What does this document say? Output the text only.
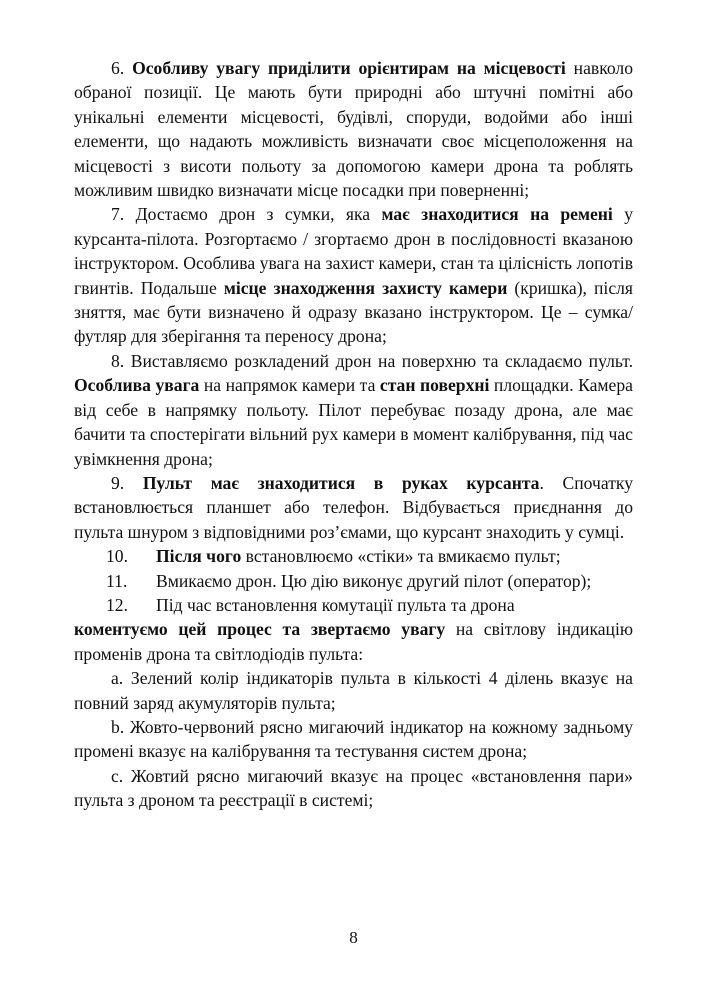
6. Особливу увагу приділити орієнтирам на місцевості навколо обраної позиції. Це мають бути природні або штучні помітні або унікальні елементи місцевості, будівлі, споруди, водойми або інші елементи, що надають можливість визначати своє місцеположення на місцевості з висоти польоту за допомогою камери дрона та роблять можливим швидко визначати місце посадки при поверненні;

7. Достаємо дрон з сумки, яка має знаходитися на ремені у курсанта-пілота. Розгортаємо / згортаємо дрон в послідовності вказаною інструктором. Особлива увага на захист камери, стан та цілісність лопотів гвинтів. Подальше місце знаходження захисту камери (кришка), після зняття, має бути визначено й одразу вказано інструктором. Це – сумка/футляр для зберігання та переносу дрона;

8. Виставляємо розкладений дрон на поверхню та складаємо пульт. Особлива увага на напрямок камери та стан поверхні площадки. Камера від себе в напрямку польоту. Пілот перебуває позаду дрона, але має бачити та спостерігати вільний рух камери в момент калібрування, під час увімкнення дрона;

9. Пульт має знаходитися в руках курсанта. Спочатку встановлюється планшет або телефон. Відбувається приєднання до пульта шнуром з відповідними роз’ємами, що курсант знаходить у сумці.

10. Після чого встановлюємо «стіки» та вмикаємо пульт;

11. Вмикаємо дрон. Цю дію виконує другий пілот (оператор);

12. Під час встановлення комутації пульта та дрона

коментуємо цей процес та звертаємо увагу на світлову індикацію променів дрона та світлодіодів пульта:

a. Зелений колір індикаторів пульта в кількості 4 ділень вказує на повний заряд акумуляторів пульта;

b. Жовто-червоний рясно мигаючий індикатор на кожному задньому промені вказує на калібрування та тестування систем дрона;

c. Жовтий рясно мигаючий вказує на процес «встановлення пари» пульта з дроном та реєстрації в системі;

8
